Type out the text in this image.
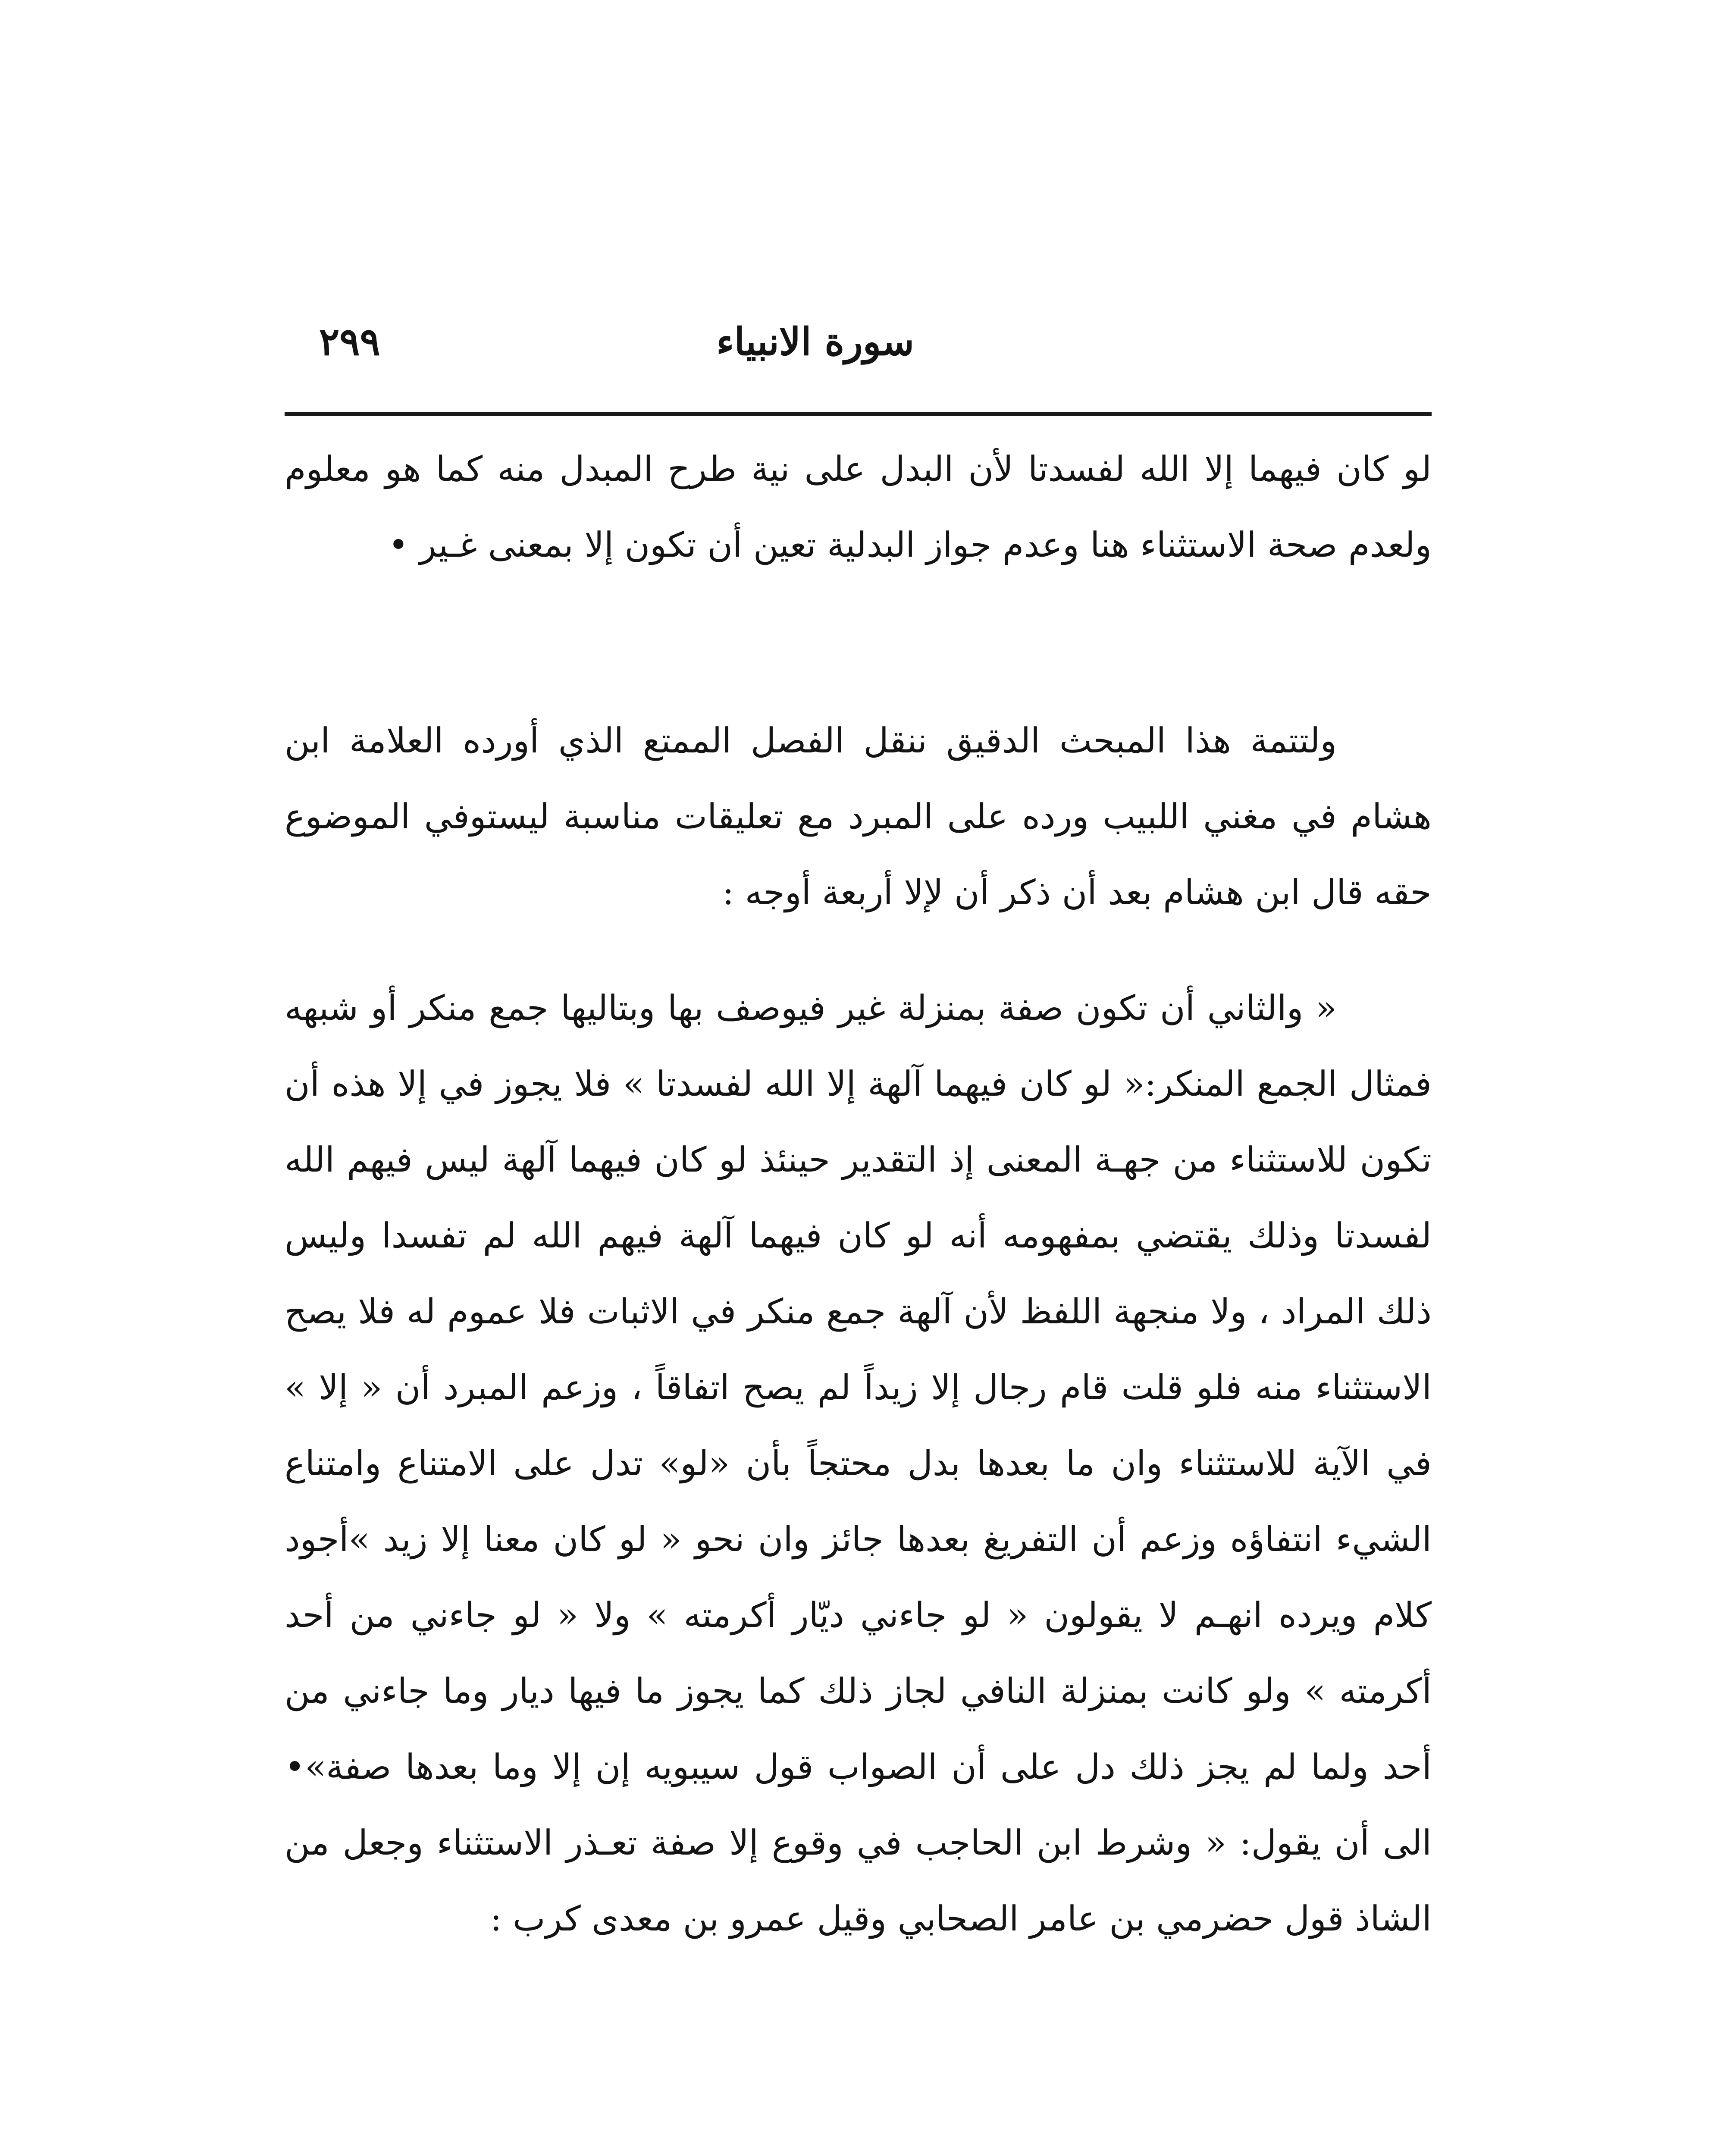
سورة الانبياء
٢٩٩
لو كان فيهما إلا الله لفسدتا لأن البدل على نية طرح المبدل منه كما هو معلوم ولعدم صحة الاستثناء هنا وعدم جواز البدلية تعين أن تكون إلا بمعنى غـير •
ولتتمة هذا المبحث الدقيق ننقل الفصل الممتع الذي أورده العلامة ابن هشام في مغني اللبيب ورده على المبرد مع تعليقات مناسبة ليستوفي الموضوع حقه قال ابن هشام بعد أن ذكر أن لإلا أربعة أوجه :
« والثاني أن تكون صفة بمنزلة غير فيوصف بها وبتاليها جمع منكر أو شبهه فمثال الجمع المنكر:« لو كان فيهما آلهة إلا الله لفسدتا » فلا يجوز في إلا هذه أن تكون للاستثناء من جهـة المعنى إذ التقدير حينئذ لو كان فيهما آلهة ليس فيهم الله لفسدتا وذلك يقتضي بمفهومه أنه لو كان فيهما آلهة فيهم الله لم تفسدا وليس ذلك المراد ، ولا منجهة اللفظ لأن آلهة جمع منكر في الاثبات فلا عموم له فلا يصح الاستثناء منه فلو قلت قام رجال إلا زيداً لم يصح اتفاقاً ، وزعم المبرد أن « إلا » في الآية للاستثناء وان ما بعدها بدل محتجاً بأن «لو» تدل على الامتناع وامتناع الشيء انتفاؤه وزعم أن التفريغ بعدها جائز وان نحو « لو كان معنا إلا زيد »أجود كلام ويرده انهـم لا يقولون « لو جاءني ديّار أكرمته » ولا « لو جاءني من أحد أكرمته » ولو كانت بمنزلة النافي لجاز ذلك كما يجوز ما فيها ديار وما جاءني من أحد ولما لم يجز ذلك دل على أن الصواب قول سيبويه إن إلا وما بعدها صفة»• الى أن يقول: « وشرط ابن الحاجب في وقوع إلا صفة تعـذر الاستثناء وجعل من الشاذ قول حضرمي بن عامر الصحابي وقيل عمرو بن معدى كرب :
